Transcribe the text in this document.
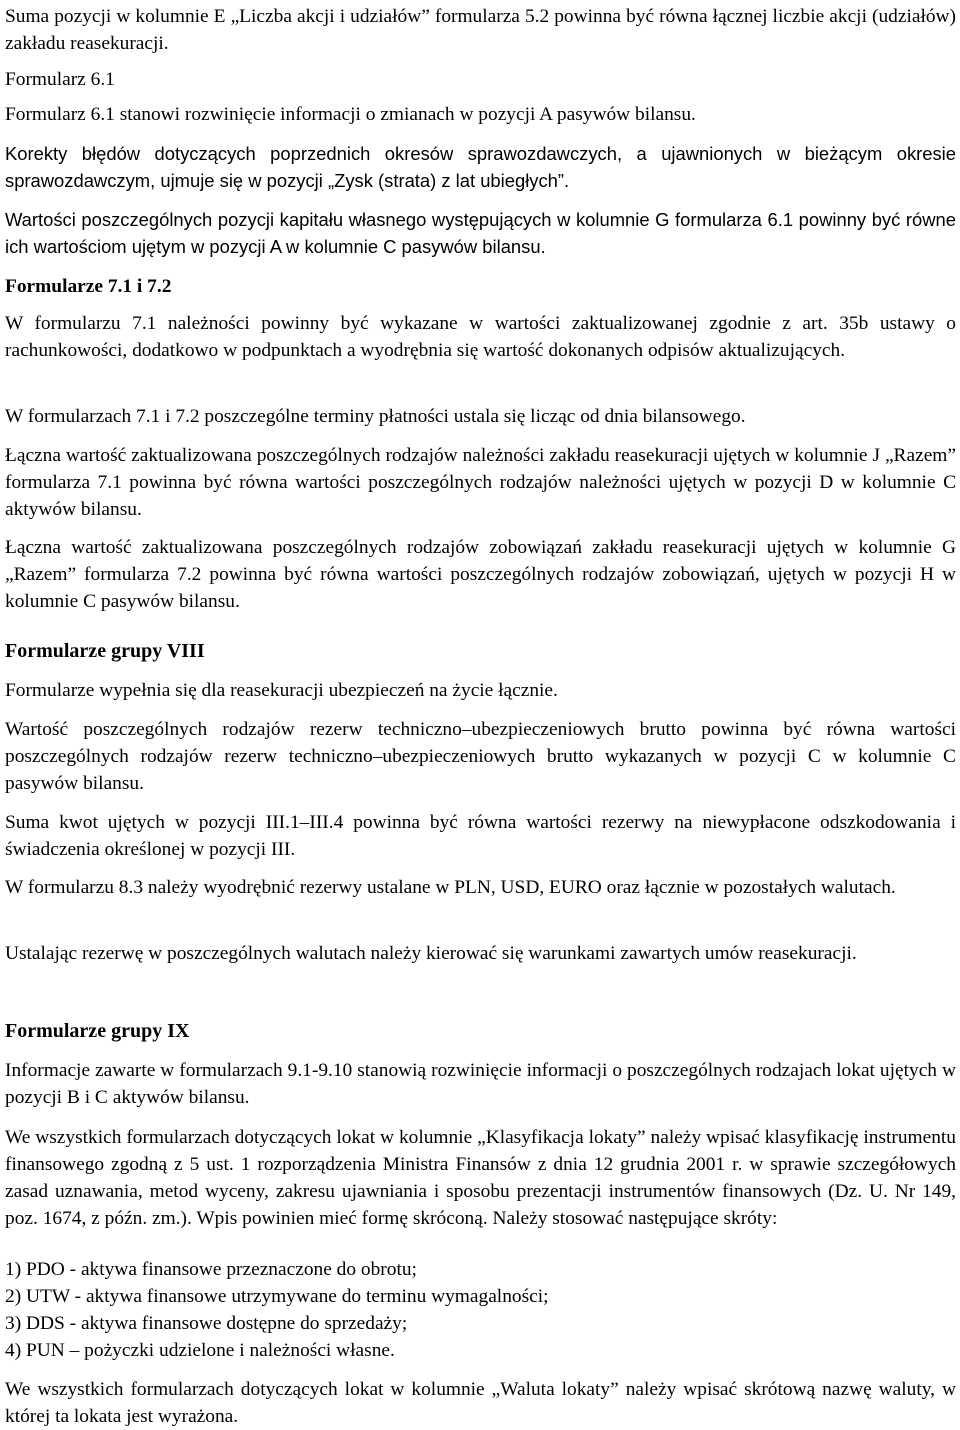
Suma pozycji w kolumnie E „Liczba akcji i udziałów” formularza 5.2 powinna być równa łącznej liczbie akcji (udziałów) zakładu reasekuracji.

Formularz 6.1

Formularz 6.1 stanowi rozwinięcie informacji o zmianach w pozycji A pasywów bilansu.

Korekty błędów dotyczących poprzednich okresów sprawozdawczych, a ujawnionych w bieżącym okresie sprawozdawczym, ujmuje się w pozycji „Zysk (strata) z lat ubiegłych”.

Wartości poszczególnych pozycji kapitału własnego występujących w kolumnie G formularza 6.1 powinny być równe ich wartościom ujętym w pozycji A w kolumnie C pasywów bilansu.

Formularze 7.1 i 7.2

W formularzu 7.1 należności powinny być wykazane w wartości zaktualizowanej zgodnie z art. 35b ustawy o rachunkowości, dodatkowo w podpunktach a wyodrębnia się wartość dokonanych odpisów aktualizujących.

W formularzach 7.1 i 7.2 poszczególne terminy płatności ustala się licząc od dnia bilansowego.

Łączna wartość zaktualizowana poszczególnych rodzajów należności zakładu reasekuracji ujętych w kolumnie J „Razem” formularza 7.1 powinna być równa wartości poszczególnych rodzajów należności ujętych w pozycji D w kolumnie C aktywów bilansu.

Łączna wartość zaktualizowana poszczególnych rodzajów zobowiązań zakładu reasekuracji ujętych w kolumnie G „Razem” formularza 7.2 powinna być równa wartości poszczególnych rodzajów zobowiązań, ujętych w pozycji H w kolumnie C pasywów bilansu.

Formularze grupy VIII

Formularze wypełnia się dla reasekuracji ubezpieczeń na życie łącznie.

Wartość poszczególnych rodzajów rezerw techniczno–ubezpieczeniowych brutto powinna być równa wartości poszczególnych rodzajów rezerw techniczno–ubezpieczeniowych brutto wykazanych w pozycji C w kolumnie C pasywów bilansu.

Suma kwot ujętych w pozycji III.1–III.4 powinna być równa wartości rezerwy na niewypłacone odszkodowania i świadczenia określonej w pozycji III.

W formularzu 8.3 należy wyodrębnić rezerwy ustalane w PLN, USD, EURO oraz łącznie w pozostałych walutach.

Ustalając rezerwę w poszczególnych walutach należy kierować się warunkami zawartych umów reasekuracji.

Formularze grupy IX

Informacje zawarte w formularzach 9.1-9.10 stanowią rozwinięcie informacji o poszczególnych rodzajach lokat ujętych w pozycji B i C aktywów bilansu.

We wszystkich formularzach dotyczących lokat w kolumnie „Klasyfikacja lokaty” należy wpisać klasyfikację instrumentu finansowego zgodną z 5 ust. 1 rozporządzenia Ministra Finansów z dnia 12 grudnia 2001 r. w sprawie szczegółowych zasad uznawania, metod wyceny, zakresu ujawniania i sposobu prezentacji instrumentów finansowych (Dz. U. Nr 149, poz. 1674, z późn. zm.). Wpis powinien mieć formę skróconą. Należy stosować następujące skróty:

1) PDO - aktywa finansowe przeznaczone do obrotu;

2) UTW - aktywa finansowe utrzymywane do terminu wymagalności;

3) DDS - aktywa finansowe dostępne do sprzedaży;

4) PUN – pożyczki udzielone i należności własne.

We wszystkich formularzach dotyczących lokat w kolumnie „Waluta lokaty” należy wpisać skrótową nazwę waluty, w której ta lokata jest wyrażona.
